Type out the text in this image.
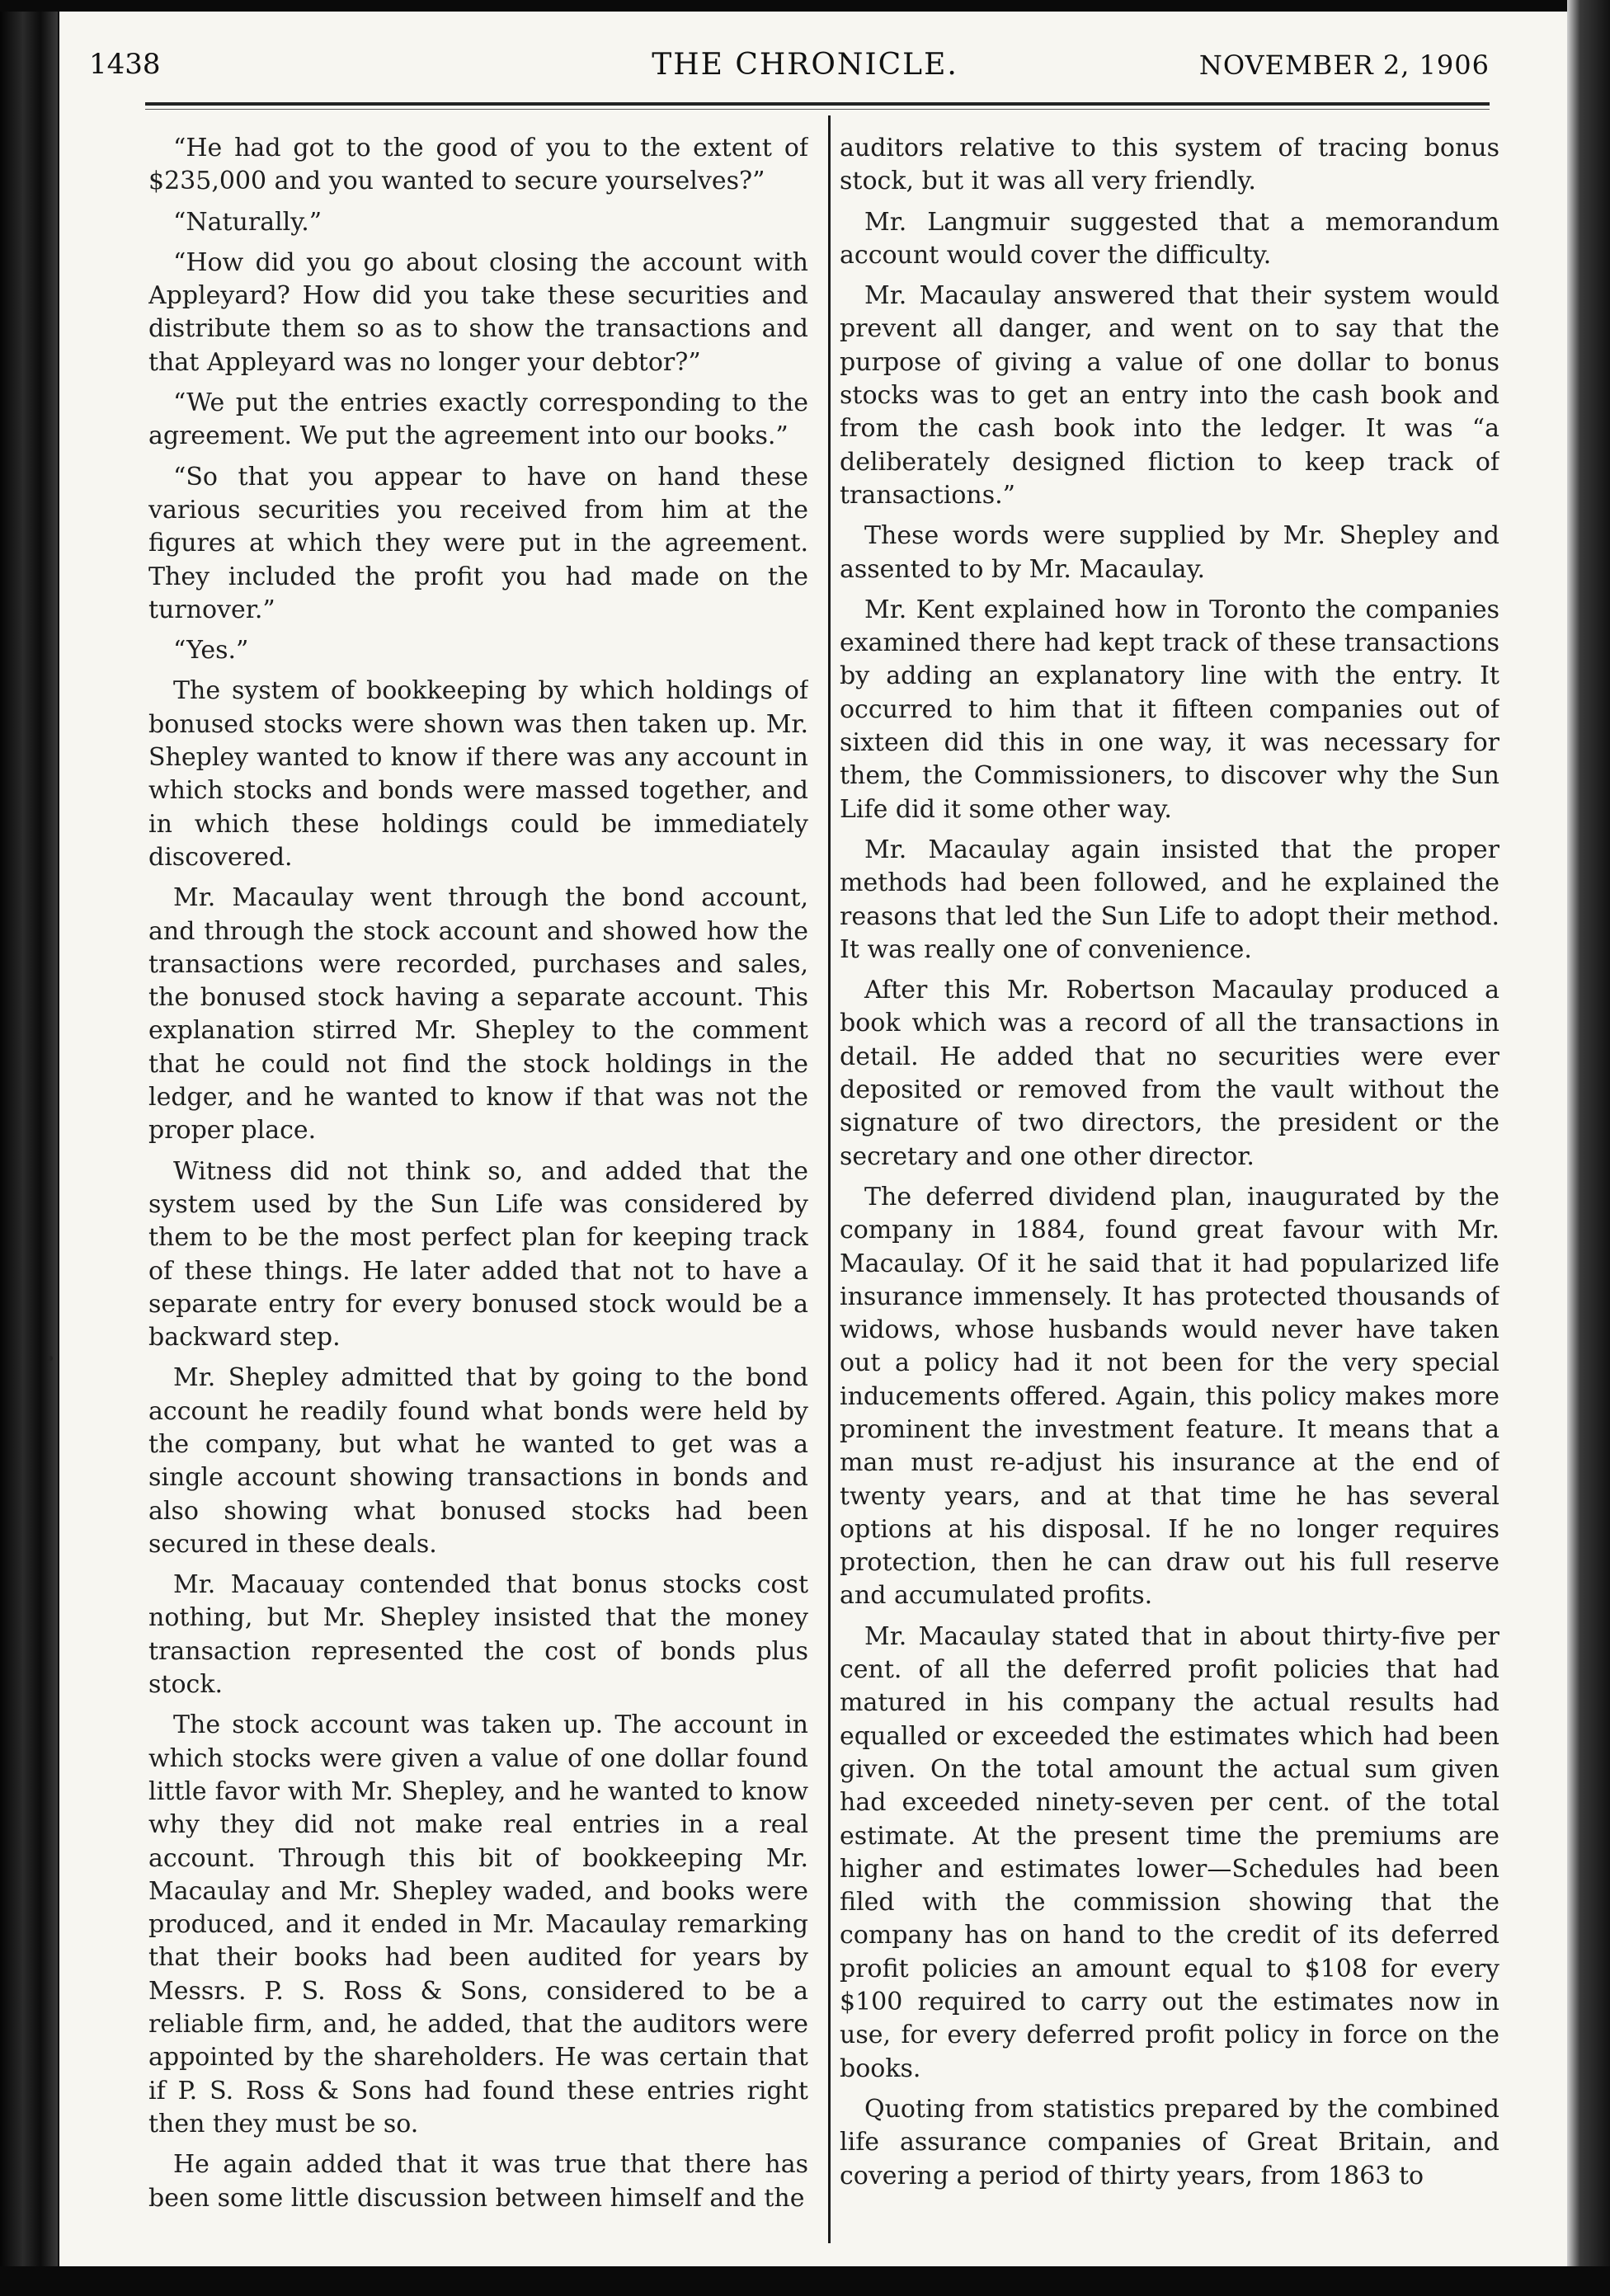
1438	THE CHRONICLE.	NOVEMBER 2, 1906

“He had got to the good of you to the extent of $235,000 and you wanted to secure yourselves?”

“Naturally.”

“How did you go about closing the account with Appleyard? How did you take these securities and distribute them so as to show the transactions and that Appleyard was no longer your debtor?”

“We put the entries exactly corresponding to the agreement. We put the agreement into our books.”

“So that you appear to have on hand these various securities you received from him at the figures at which they were put in the agreement. They included the profit you had made on the turnover.”

“Yes.”

The system of bookkeeping by which holdings of bonused stocks were shown was then taken up. Mr. Shepley wanted to know if there was any account in which stocks and bonds were massed together, and in which these holdings could be immediately discovered.

Mr. Macaulay went through the bond account, and through the stock account and showed how the transactions were recorded, purchases and sales, the bonused stock having a separate account. This explanation stirred Mr. Shepley to the comment that he could not find the stock holdings in the ledger, and he wanted to know if that was not the proper place.

Witness did not think so, and added that the system used by the Sun Life was considered by them to be the most perfect plan for keeping track of these things. He later added that not to have a separate entry for every bonused stock would be a backward step.

Mr. Shepley admitted that by going to the bond account he readily found what bonds were held by the company, but what he wanted to get was a single account showing transactions in bonds and also showing what bonused stocks had been secured in these deals.

Mr. Macauay contended that bonus stocks cost nothing, but Mr. Shepley insisted that the money transaction represented the cost of bonds plus stock.

The stock account was taken up. The account in which stocks were given a value of one dollar found little favor with Mr. Shepley, and he wanted to know why they did not make real entries in a real account. Through this bit of bookkeeping Mr. Macaulay and Mr. Shepley waded, and books were produced, and it ended in Mr. Macaulay remarking that their books had been audited for years by Messrs. P. S. Ross & Sons, considered to be a reliable firm, and, he added, that the auditors were appointed by the shareholders. He was certain that if P. S. Ross & Sons had found these entries right then they must be so.

He again added that it was true that there has been some little discussion between himself and the

auditors relative to this system of tracing bonus stock, but it was all very friendly.

Mr. Langmuir suggested that a memorandum account would cover the difficulty.

Mr. Macaulay answered that their system would prevent all danger, and went on to say that the purpose of giving a value of one dollar to bonus stocks was to get an entry into the cash book and from the cash book into the ledger. It was “a deliberately designed fliction to keep track of transactions.”

These words were supplied by Mr. Shepley and assented to by Mr. Macaulay.

Mr. Kent explained how in Toronto the companies examined there had kept track of these transactions by adding an explanatory line with the entry. It occurred to him that it fifteen companies out of sixteen did this in one way, it was necessary for them, the Commissioners, to discover why the Sun Life did it some other way.

Mr. Macaulay again insisted that the proper methods had been followed, and he explained the reasons that led the Sun Life to adopt their method. It was really one of convenience.

After this Mr. Robertson Macaulay produced a book which was a record of all the transactions in detail. He added that no securities were ever deposited or removed from the vault without the signature of two directors, the president or the secretary and one other director.

The deferred dividend plan, inaugurated by the company in 1884, found great favour with Mr. Macaulay. Of it he said that it had popularized life insurance immensely. It has protected thousands of widows, whose husbands would never have taken out a policy had it not been for the very special inducements offered. Again, this policy makes more prominent the investment feature. It means that a man must re-adjust his insurance at the end of twenty years, and at that time he has several options at his disposal. If he no longer requires protection, then he can draw out his full reserve and accumulated profits.

Mr. Macaulay stated that in about thirty-five per cent. of all the deferred profit policies that had matured in his company the actual results had equalled or exceeded the estimates which had been given. On the total amount the actual sum given had exceeded ninety-seven per cent. of the total estimate. At the present time the premiums are higher and estimates lower—Schedules had been filed with the commission showing that the company has on hand to the credit of its deferred profit policies an amount equal to $108 for every $100 required to carry out the estimates now in use, for every deferred profit policy in force on the books.

Quoting from statistics prepared by the combined life assurance companies of Great Britain, and covering a period of thirty years, from 1863 to
